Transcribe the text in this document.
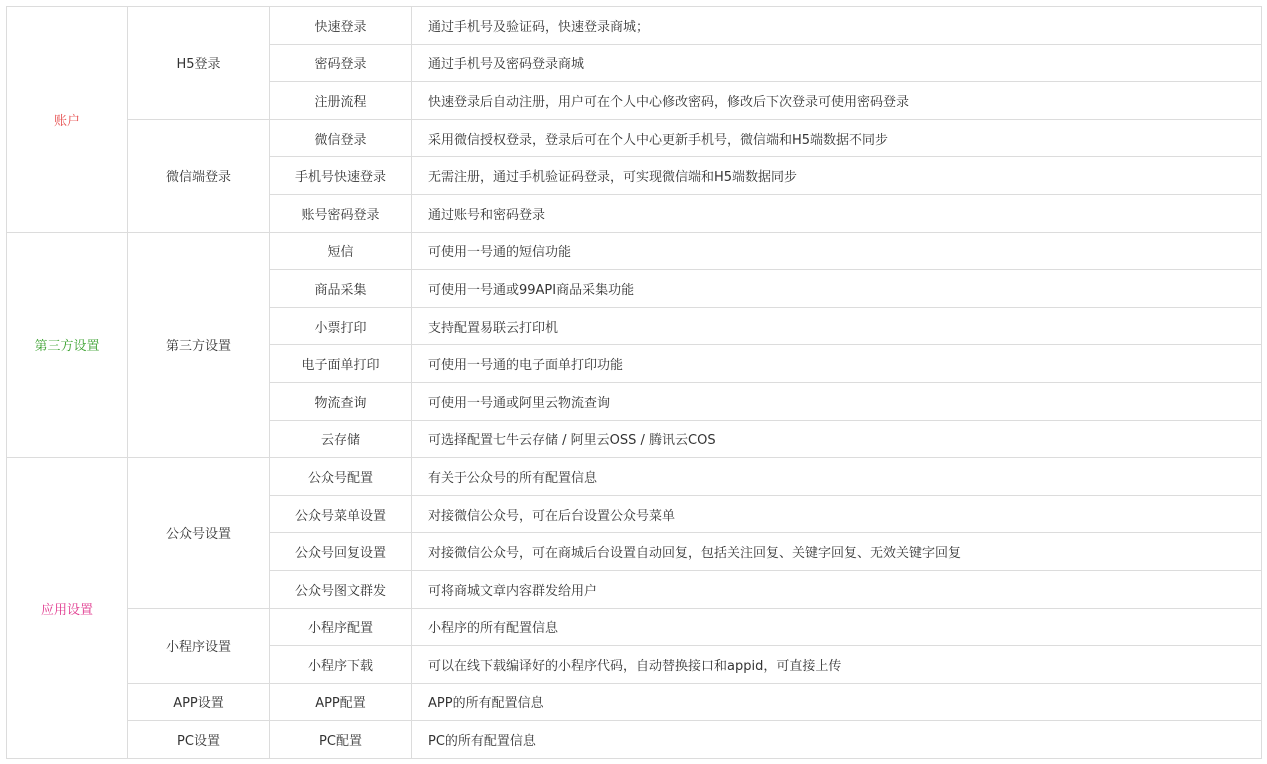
账户	H5登录	快速登录	通过手机号及验证码，快速登录商城；
		密码登录	通过手机号及密码登录商城
		注册流程	快速登录后自动注册，用户可在个人中心修改密码，修改后下次登录可使用密码登录
	微信端登录	微信登录	采用微信授权登录，登录后可在个人中心更新手机号，微信端和H5端数据不同步
		手机号快速登录	无需注册，通过手机验证码登录，可实现微信端和H5端数据同步
		账号密码登录	通过账号和密码登录
第三方设置	第三方设置	短信	可使用一号通的短信功能
		商品采集	可使用一号通或99API商品采集功能
		小票打印	支持配置易联云打印机
		电子面单打印	可使用一号通的电子面单打印功能
		物流查询	可使用一号通或阿里云物流查询
		云存储	可选择配置七牛云存储 / 阿里云OSS / 腾讯云COS
应用设置	公众号设置	公众号配置	有关于公众号的所有配置信息
		公众号菜单设置	对接微信公众号，可在后台设置公众号菜单
		公众号回复设置	对接微信公众号，可在商城后台设置自动回复，包括关注回复、关键字回复、无效关键字回复
		公众号图文群发	可将商城文章内容群发给用户
	小程序设置	小程序配置	小程序的所有配置信息
		小程序下载	可以在线下载编译好的小程序代码，自动替换接口和appid，可直接上传
	APP设置	APP配置	APP的所有配置信息
	PC设置	PC配置	PC的所有配置信息
